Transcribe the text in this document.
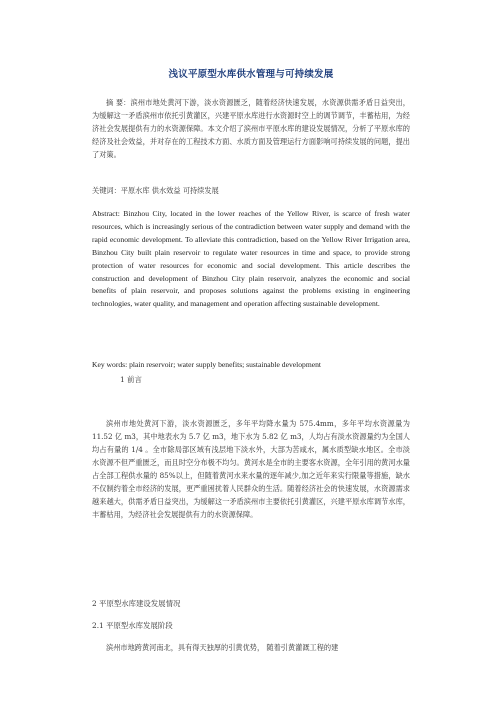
浅议平原型水库供水管理与可持续发展

摘 要：滨州市地处黄河下游，淡水资源匮乏，随着经济快速发展，水资源供需矛盾日益突出，为缓解这一矛盾滨州市依托引黄灌区，兴建平原水库进行水资源时空上的调节调节，丰蓄枯用，为经济社会发展提供有力的水资源保障。本文介绍了滨州市平原水库的建设发展情况，分析了平原水库的经济及社会效益，并对存在的工程技术方面、水质方面及管理运行方面影响可持续发展的问题，提出了对策。

关键词：平原水库 供水效益 可持续发展

Abstract: Binzhou City, located in the lower reaches of the Yellow River, is scarce of fresh water resources, which is increasingly serious of the contradiction between water supply and demand with the rapid economic development. To alleviate this contradiction, based on the Yellow River Irrigation area, Binzhou City built plain reservoir to regulate water resources in time and space, to provide strong protection of water resources for economic and social development. This article describes the construction and development of Binzhou City plain reservoir, analyzes the economic and social benefits of plain reservoir, and proposes solutions against the problems existing in engineering technologies, water quality, and management and operation affecting sustainable development.

Key words: plain reservoir; water supply benefits; sustainable development
1 前言

滨州市地处黄河下游，淡水资源匮乏，多年平均降水量为 575.4mm，多年平均水资源量为 11.52 亿 m3，其中地表水为 5.7 亿 m3，地下水为 5.82 亿 m3，人均占有淡水资源量约为全国人均占有量的 1/4 。全市除局部区域有浅层地下淡水外，大部为苦咸水，属水质型缺水地区。全市淡水资源不但严重匮乏，而且时空分布极不均匀。黄河水是全市的主要客水资源，全年引用的黄河水量占全部工程供水量的 85%以上，但随着黄河水来水量的逐年减少,加之近年来实行限量等措施，缺水不仅制约着全市经济的发展，更严重困扰着人民群众的生活。随着经济社会的快速发展，水资源需求越来越大，供需矛盾日益突出，为缓解这一矛盾滨州市主要依托引黄灌区，兴建平原水库调节水库，丰蓄枯用，为经济社会发展提供有力的水资源保障。

2 平原型水库建设发展情况
2.1 平原型水库发展阶段

滨州市地跨黄河南北，具有得天独厚的引黄优势， 随着引黄灌溉工程的建
